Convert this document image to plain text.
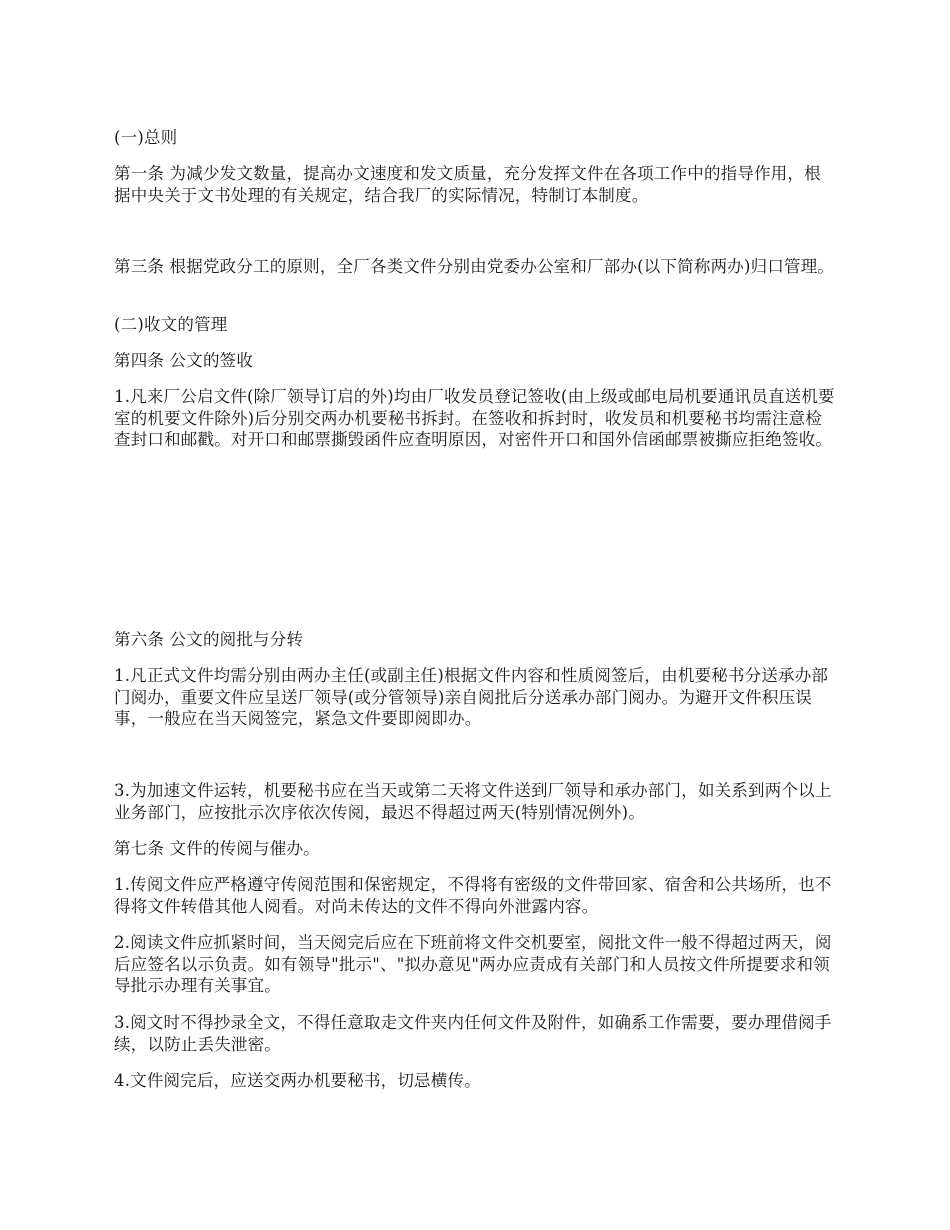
(一)总则

第一条 为减少发文数量，提高办文速度和发文质量，充分发挥文件在各项工作中的指导作用，根据中央关于文书处理的有关规定，结合我厂的实际情况，特制订本制度。

第三条 根据党政分工的原则，全厂各类文件分别由党委办公室和厂部办(以下简称两办)归口管理。

(二)收文的管理

第四条 公文的签收

1.凡来厂公启文件(除厂领导订启的外)均由厂收发员登记签收(由上级或邮电局机要通讯员直送机要室的机要文件除外)后分别交两办机要秘书拆封。在签收和拆封时，收发员和机要秘书均需注意检查封口和邮戳。对开口和邮票撕毁函件应查明原因，对密件开口和国外信函邮票被撕应拒绝签收。

第六条 公文的阅批与分转

1.凡正式文件均需分别由两办主任(或副主任)根据文件内容和性质阅签后，由机要秘书分送承办部门阅办，重要文件应呈送厂领导(或分管领导)亲自阅批后分送承办部门阅办。为避开文件积压误事，一般应在当天阅签完，紧急文件要即阅即办。

3.为加速文件运转，机要秘书应在当天或第二天将文件送到厂领导和承办部门，如关系到两个以上业务部门，应按批示次序依次传阅，最迟不得超过两天(特别情况例外)。

第七条 文件的传阅与催办。

1.传阅文件应严格遵守传阅范围和保密规定，不得将有密级的文件带回家、宿舍和公共场所，也不得将文件转借其他人阅看。对尚未传达的文件不得向外泄露内容。

2.阅读文件应抓紧时间，当天阅完后应在下班前将文件交机要室，阅批文件一般不得超过两天，阅后应签名以示负责。如有领导"批示"、"拟办意见"两办应责成有关部门和人员按文件所提要求和领导批示办理有关事宜。

3.阅文时不得抄录全文，不得任意取走文件夹内任何文件及附件，如确系工作需要，要办理借阅手续，以防止丢失泄密。

4.文件阅完后，应送交两办机要秘书，切忌横传。
